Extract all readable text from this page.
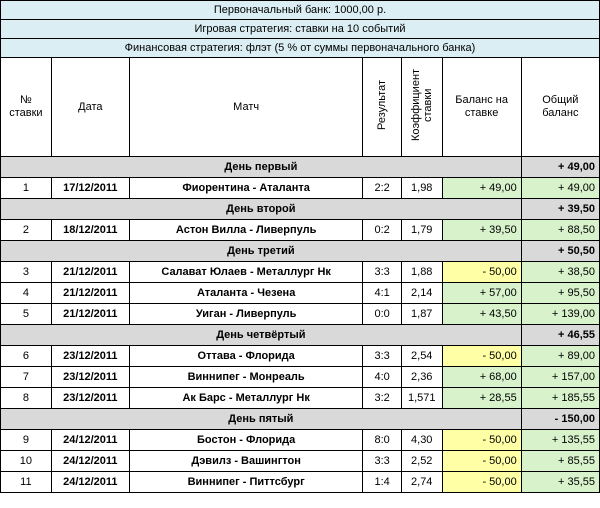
Первоначальный банк: 1000,00 р.						
Игровая стратегия: ставки на 10 событий						
Финансовая стратегия: флэт (5 % от суммы первоначального банка)						
№ ставки	Дата	Матч	Результат	Коэффициент ставки	Баланс на ставке	Общий баланс
День первый						+ 49,00
1	17/12/2011	Фиорентина - Аталанта	2:2	1,98	+ 49,00	+ 49,00
День второй						+ 39,50
2	18/12/2011	Астон Вилла - Ливерпуль	0:2	1,79	+ 39,50	+ 88,50
День третий						+ 50,50
3	21/12/2011	Салават Юлаев - Металлург Нк	3:3	1,88	- 50,00	+ 38,50
4	21/12/2011	Аталанта - Чезена	4:1	2,14	+ 57,00	+ 95,50
5	21/12/2011	Уиган - Ливерпуль	0:0	1,87	+ 43,50	+ 139,00
День четвёртый						+ 46,55
6	23/12/2011	Оттава - Флорида	3:3	2,54	- 50,00	+ 89,00
7	23/12/2011	Виннипег - Монреаль	4:0	2,36	+ 68,00	+ 157,00
8	23/12/2011	Ак Барс - Металлург Нк	3:2	1,571	+ 28,55	+ 185,55
День пятый						- 150,00
9	24/12/2011	Бостон - Флорида	8:0	4,30	- 50,00	+ 135,55
10	24/12/2011	Дэвилз - Вашингтон	3:3	2,52	- 50,00	+ 85,55
11	24/12/2011	Виннипег - Питтсбург	1:4	2,74	- 50,00	+ 35,55
